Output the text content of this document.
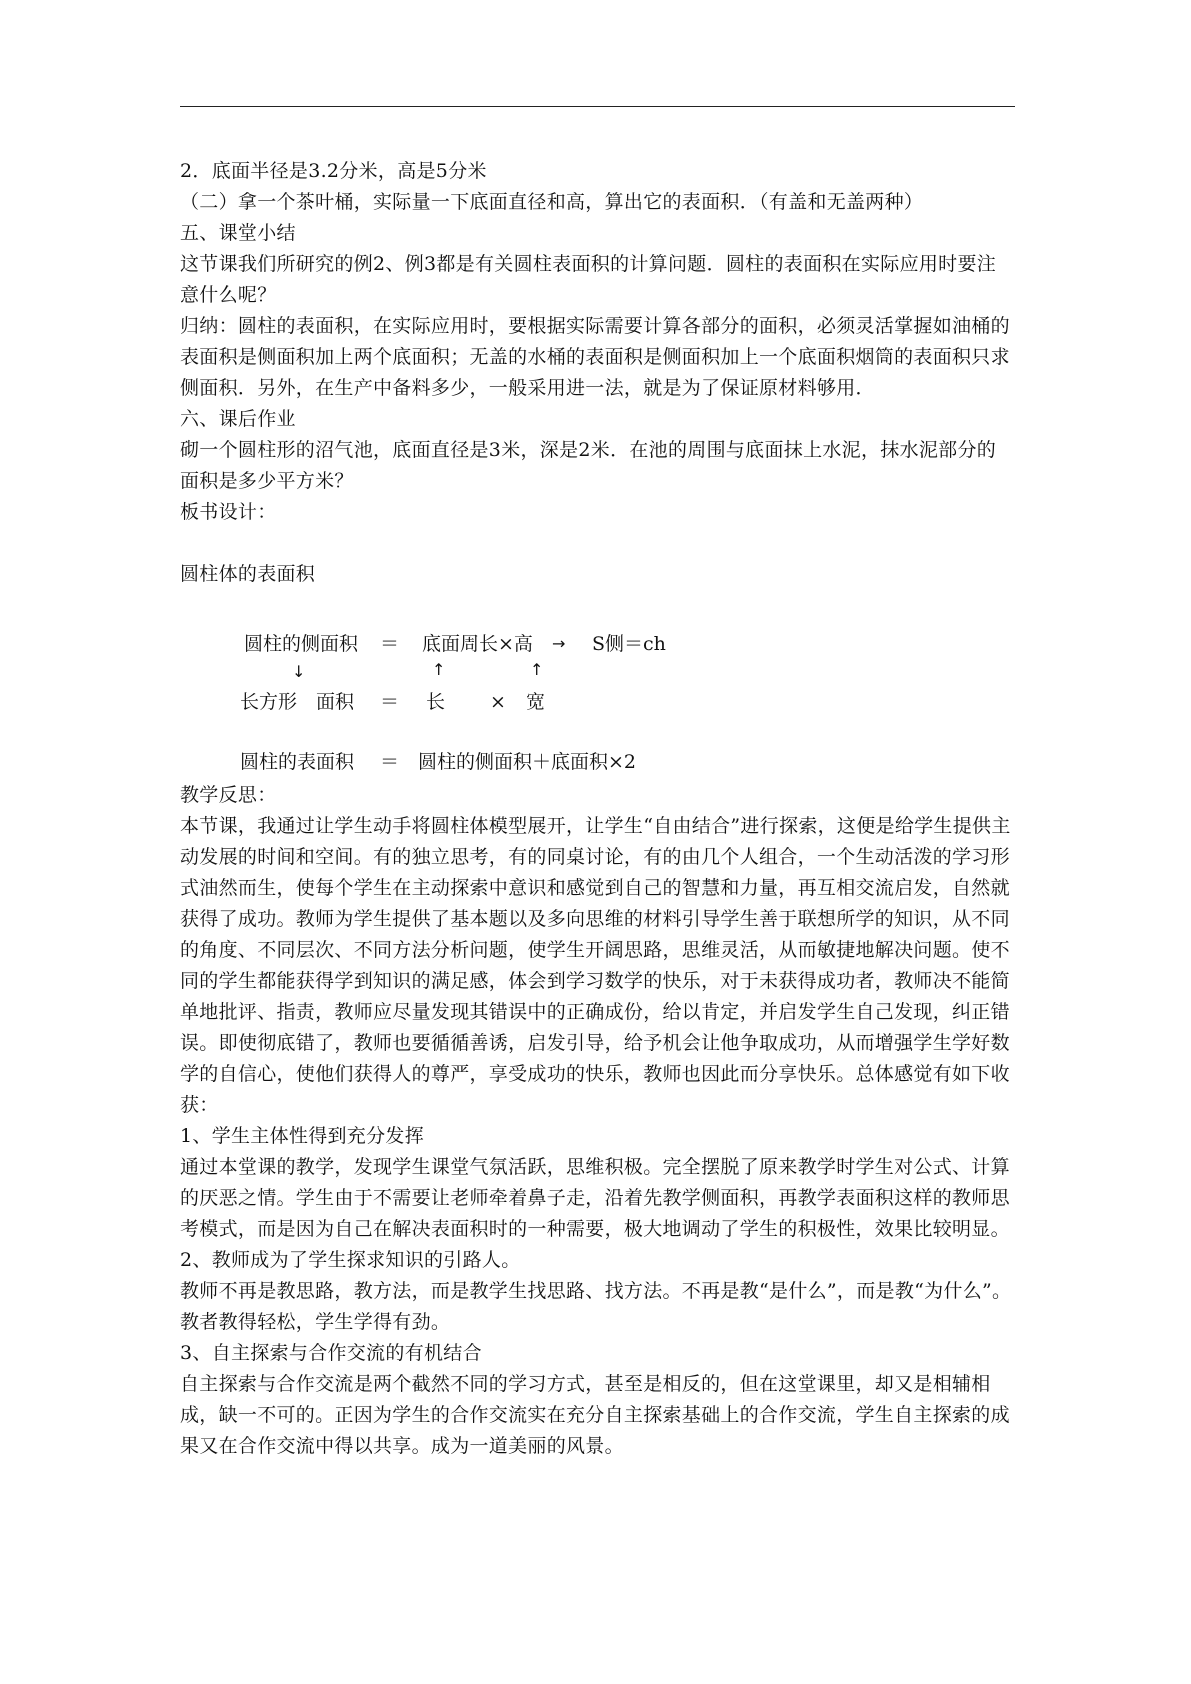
2．底面半径是3.2分米，高是5分米

（二）拿一个茶叶桶，实际量一下底面直径和高，算出它的表面积．（有盖和无盖两种）

五、课堂小结

这节课我们所研究的例2、例3都是有关圆柱表面积的计算问题．圆柱的表面积在实际应用时要注意什么呢？

归纳：圆柱的表面积，在实际应用时，要根据实际需要计算各部分的面积，必须灵活掌握如油桶的表面积是侧面积加上两个底面积；无盖的水桶的表面积是侧面积加上一个底面积烟筒的表面积只求侧面积．另外，在生产中备料多少，一般采用进一法，就是为了保证原材料够用．

六、课后作业

砌一个圆柱形的沼气池，底面直径是3米，深是2米．在池的周围与底面抹上水泥，抹水泥部分的面积是多少平方米？

板书设计：

圆柱体的表面积

圆柱的侧面积 ＝ 底面周长×高 → S侧＝ch
↓	↑	↑
长方形 面积 ＝ 长 × 宽
圆柱的表面积 ＝ 圆柱的侧面积＋底面积×2

教学反思：

本节课，我通过让学生动手将圆柱体模型展开，让学生“自由结合”进行探索，这便是给学生提供主动发展的时间和空间。有的独立思考，有的同桌讨论，有的由几个人组合，一个生动活泼的学习形式油然而生，使每个学生在主动探索中意识和感觉到自己的智慧和力量，再互相交流启发，自然就获得了成功。教师为学生提供了基本题以及多向思维的材料引导学生善于联想所学的知识，从不同的角度、不同层次、不同方法分析问题，使学生开阔思路，思维灵活，从而敏捷地解决问题。使不同的学生都能获得学到知识的满足感，体会到学习数学的快乐，对于未获得成功者，教师决不能简单地批评、指责，教师应尽量发现其错误中的正确成份，给以肯定，并启发学生自己发现，纠正错误。即使彻底错了，教师也要循循善诱，启发引导，给予机会让他争取成功，从而增强学生学好数学的自信心，使他们获得人的尊严，享受成功的快乐，教师也因此而分享快乐。总体感觉有如下收获：

1、学生主体性得到充分发挥

通过本堂课的教学，发现学生课堂气氛活跃，思维积极。完全摆脱了原来教学时学生对公式、计算的厌恶之情。学生由于不需要让老师牵着鼻子走，沿着先教学侧面积，再教学表面积这样的教师思考模式，而是因为自己在解决表面积时的一种需要，极大地调动了学生的积极性，效果比较明显。

2、教师成为了学生探求知识的引路人。

教师不再是教思路，教方法，而是教学生找思路、找方法。不再是教“是什么”，而是教“为什么”。教者教得轻松，学生学得有劲。

3、自主探索与合作交流的有机结合

自主探索与合作交流是两个截然不同的学习方式，甚至是相反的，但在这堂课里，却又是相辅相成，缺一不可的。正因为学生的合作交流实在充分自主探索基础上的合作交流，学生自主探索的成果又在合作交流中得以共享。成为一道美丽的风景。
